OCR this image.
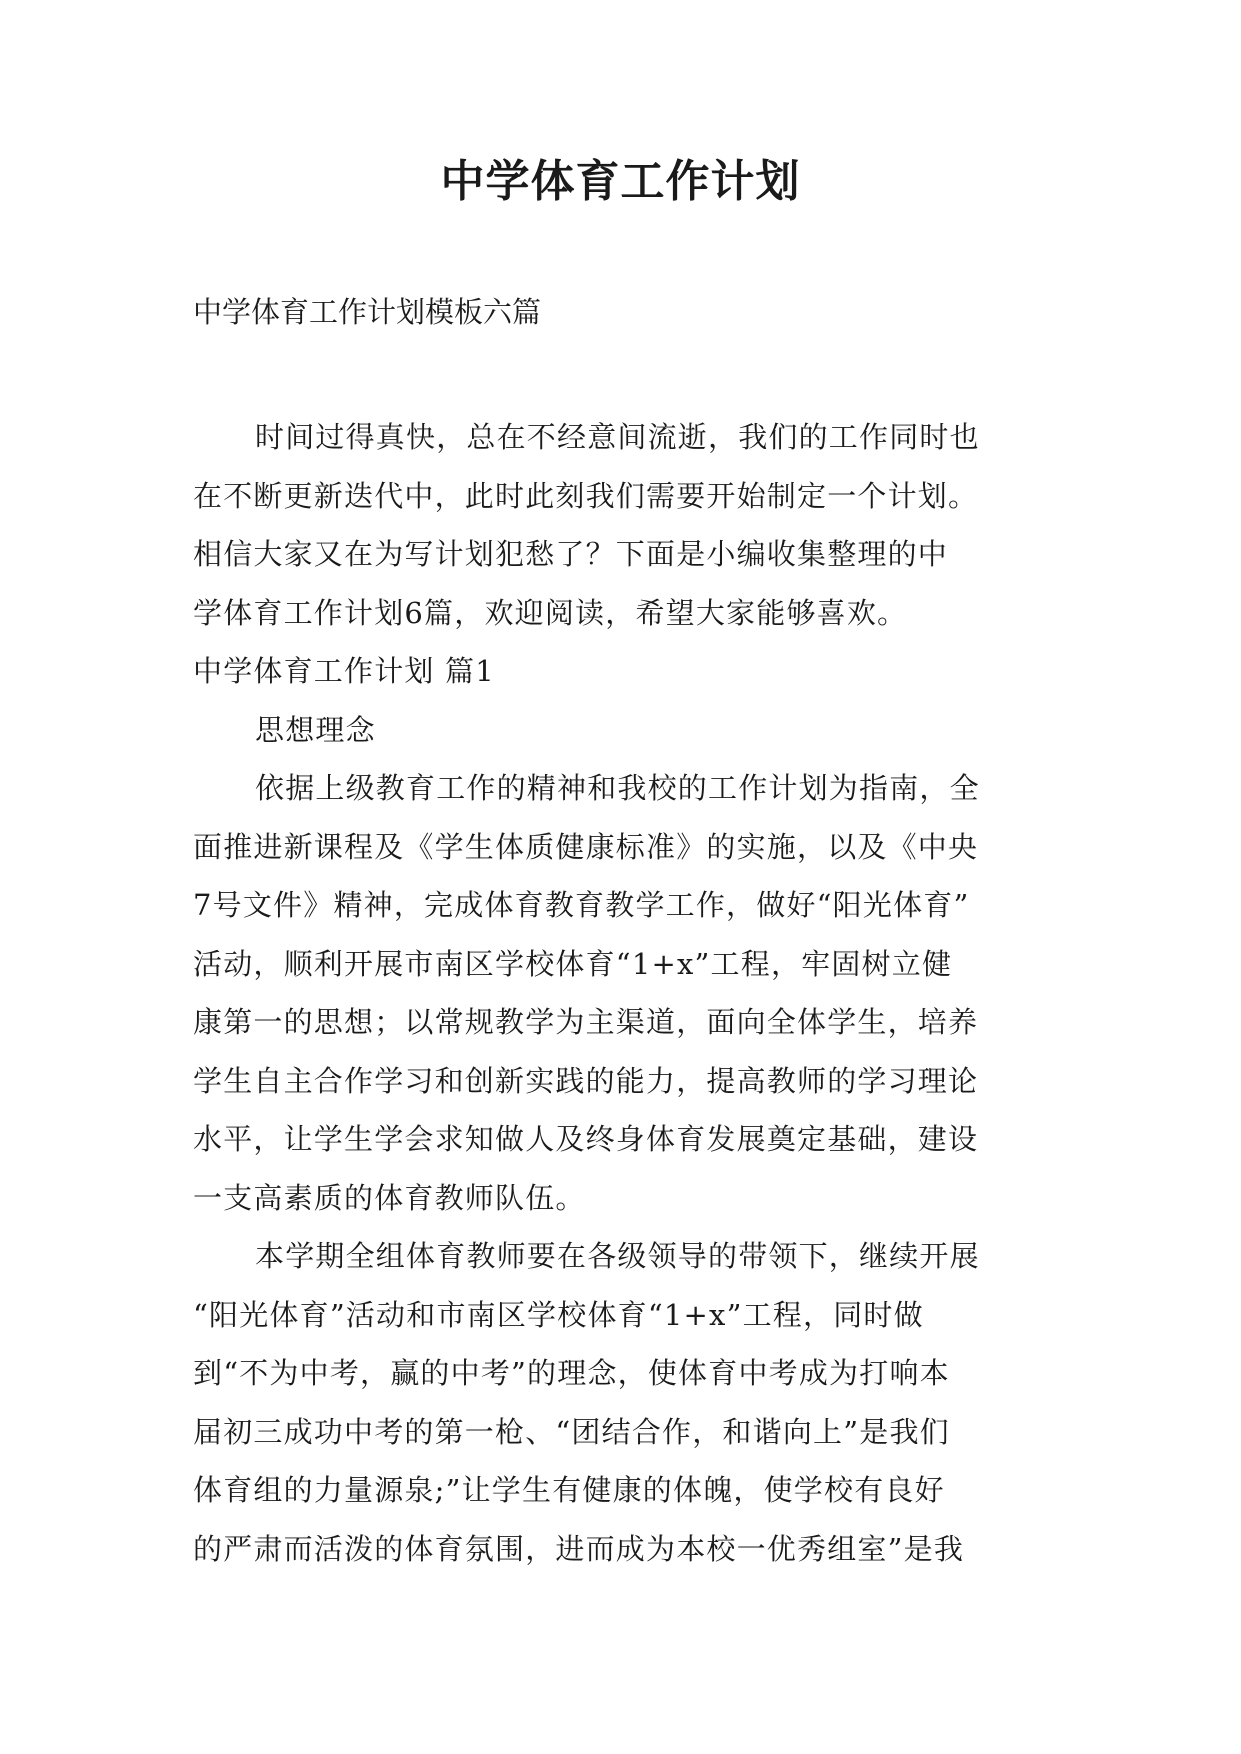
中学体育工作计划
中学体育工作计划模板六篇

时间过得真快，总在不经意间流逝，我们的工作同时也
在不断更新迭代中，此时此刻我们需要开始制定一个计划。
相信大家又在为写计划犯愁了？下面是小编收集整理的中
学体育工作计划6篇，欢迎阅读，希望大家能够喜欢。

中学体育工作计划 篇1

思想理念

依据上级教育工作的精神和我校的工作计划为指南，全
面推进新课程及《学生体质健康标准》的实施，以及《中央
7号文件》精神，完成体育教育教学工作，做好“阳光体育”
活动，顺利开展市南区学校体育“1+x”工程，牢固树立健
康第一的思想；以常规教学为主渠道，面向全体学生，培养
学生自主合作学习和创新实践的能力，提高教师的学习理论
水平，让学生学会求知做人及终身体育发展奠定基础，建设
一支高素质的体育教师队伍。

本学期全组体育教师要在各级领导的带领下，继续开展
“阳光体育”活动和市南区学校体育“1+x”工程，同时做
到“不为中考，赢的中考”的理念，使体育中考成为打响本
届初三成功中考的第一枪、“团结合作，和谐向上”是我们
体育组的力量源泉;”让学生有健康的体魄，使学校有良好
的严肃而活泼的体育氛围，进而成为本校一优秀组室”是我
